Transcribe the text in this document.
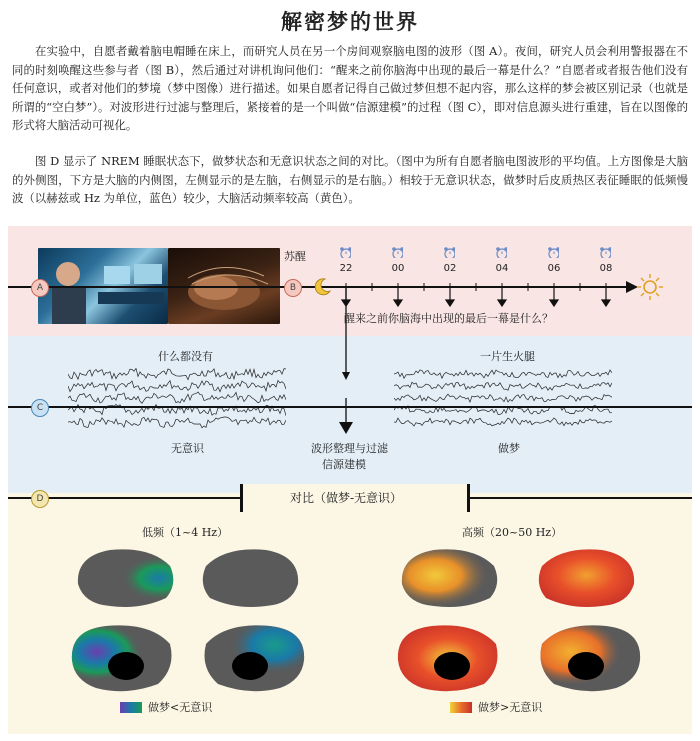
解密梦的世界

在实验中，自愿者戴着脑电帽睡在床上，而研究人员在另一个房间观察脑电图的波形（图 A）。夜间，研究人员会利用警报器在不同的时刻唤醒这些参与者（图 B），然后通过对讲机询问他们：“醒来之前你脑海中出现的最后一幕是什么？”自愿者或者报告他们没有任何意识，或者对他们的梦境（梦中图像）进行描述。如果自愿者记得自己做过梦但想不起内容，那么这样的梦会被区别记录（也就是所谓的“空白梦”）。对波形进行过滤与整理后，紧接着的是一个叫做“信源建模”的过程（图 C），即对信息源头进行重建，旨在以图像的形式将大脑活动可视化。

图 D 显示了 NREM 睡眠状态下，做梦状态和无意识状态之间的对比。（图中为所有自愿者脑电图波形的平均值。上方图像是大脑的外侧图，下方是大脑的内侧图，左侧显示的是左脑，右侧显示的是右脑。）相较于无意识状态，做梦时后皮质热区表征睡眠的低频慢波（以赫兹或 Hz 为单位，蓝色）较少，大脑活动频率较高（黄色）。

A	B
苏醒
22	00	02	04	06	08
醒来之前你脑海中出现的最后一幕是什么？
什么都没有	一片生火腿
无意识	做梦
波形整理与过滤
信源建模
C
D	对比（做梦-无意识）
低频（1~4 Hz）	高频（20~50 Hz）
做梦<无意识	做梦>无意识
